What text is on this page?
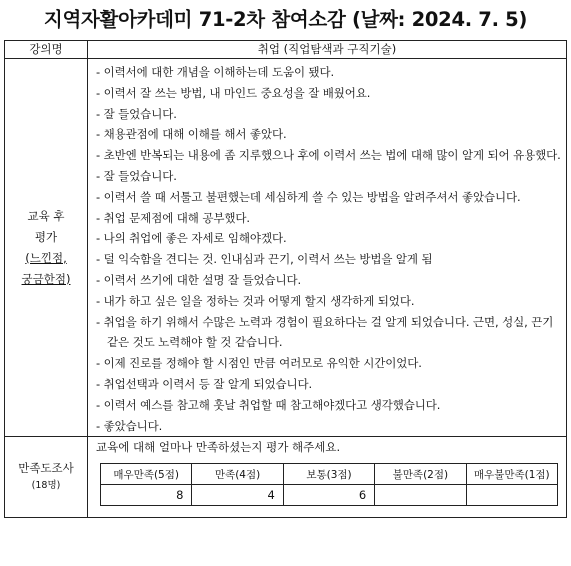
지역자활아카데미 71-2차 참여소감 (날짜: 2024. 7. 5)
강의명	취업 (직업탐색과 구직기술)

교육 후
평가
(느낀점,
궁금한점)

- 이력서에 대한 개념을 이해하는데 도움이 됐다.
- 이력서 잘 쓰는 방법, 내 마인드 중요성을 잘 배웠어요.
- 잘 들었습니다.
- 채용관점에 대해 이해를 해서 좋았다.
- 초반엔 반복되는 내용에 좀 지루했으나 후에 이력서 쓰는 법에 대해 많이 알게 되어 유용했다.
- 잘 들었습니다.
- 이력서 쓸 때 서툴고 불편했는데 세심하게 쓸 수 있는 방법을 알려주셔서 좋았습니다.
- 취업 문제점에 대해 공부했다.
- 나의 취업에 좋은 자세로 임해야겠다.
- 덜 익숙함을 견디는 것. 인내심과 끈기, 이력서 쓰는 방법을 알게 됨
- 이력서 쓰기에 대한 설명 잘 들었습니다.
- 내가 하고 싶은 일을 정하는 것과 어떻게 할지 생각하게 되었다.
- 취업을 하기 위해서 수많은 노력과 경험이 필요하다는 걸 알게 되었습니다. 근면, 성실, 끈기 같은 것도 노력해야 할 것 같습니다.
- 이제 진로를 정해야 할 시점인 만큼 여러모로 유익한 시간이었다.
- 취업선택과 이력서 등 잘 알게 되었습니다.
- 이력서 예스를 참고해 훗날 취업할 때 참고해야겠다고 생각했습니다.
- 좋았습니다.

만족도조사
(18명)

교육에 대해 얼마나 만족하셨는지 평가 해주세요.
매우만족(5점)	만족(4점)	보통(3점)	불만족(2점)	매우불만족(1점)
8	4	6		
